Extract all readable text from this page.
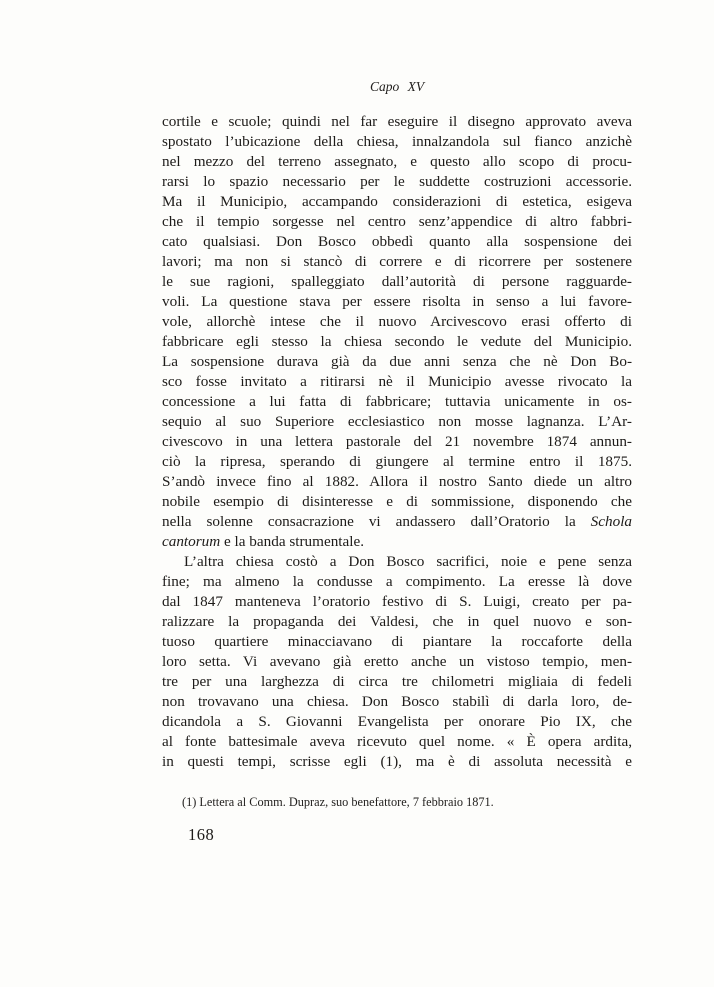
Capo XV
cortile e scuole; quindi nel far eseguire il disegno approvato aveva
spostato l’ubicazione della chiesa, innalzandola sul fianco anzichè
nel mezzo del terreno assegnato, e questo allo scopo di procu-
rarsi lo spazio necessario per le suddette costruzioni accessorie.
Ma il Municipio, accampando considerazioni di estetica, esigeva
che il tempio sorgesse nel centro senz’appendice di altro fabbri-
cato qualsiasi. Don Bosco obbedì quanto alla sospensione dei
lavori; ma non si stancò di correre e di ricorrere per sostenere
le sue ragioni, spalleggiato dall’autorità di persone ragguarde-
voli. La questione stava per essere risolta in senso a lui favore-
vole, allorchè intese che il nuovo Arcivescovo erasi offerto di
fabbricare egli stesso la chiesa secondo le vedute del Municipio.
La sospensione durava già da due anni senza che nè Don Bo-
sco fosse invitato a ritirarsi nè il Municipio avesse rivocato la
concessione a lui fatta di fabbricare; tuttavia unicamente in os-
sequio al suo Superiore ecclesiastico non mosse lagnanza. L’Ar-
civescovo in una lettera pastorale del 21 novembre 1874 annun-
ciò la ripresa, sperando di giungere al termine entro il 1875.
S’andò invece fino al 1882. Allora il nostro Santo diede un altro
nobile esempio di disinteresse e di sommissione, disponendo che
nella solenne consacrazione vi andassero dall’Oratorio la Schola
cantorum e la banda strumentale.
L’altra chiesa costò a Don Bosco sacrifici, noie e pene senza
fine; ma almeno la condusse a compimento. La eresse là dove
dal 1847 manteneva l’oratorio festivo di S. Luigi, creato per pa-
ralizzare la propaganda dei Valdesi, che in quel nuovo e son-
tuoso quartiere minacciavano di piantare la roccaforte della
loro setta. Vi avevano già eretto anche un vistoso tempio, men-
tre per una larghezza di circa tre chilometri migliaia di fedeli
non trovavano una chiesa. Don Bosco stabilì di darla loro, de-
dicandola a S. Giovanni Evangelista per onorare Pio IX, che
al fonte battesimale aveva ricevuto quel nome. « È opera ardita,
in questi tempi, scrisse egli (1), ma è di assoluta necessità e
(1) Lettera al Comm. Dupraz, suo benefattore, 7 febbraio 1871.
168
